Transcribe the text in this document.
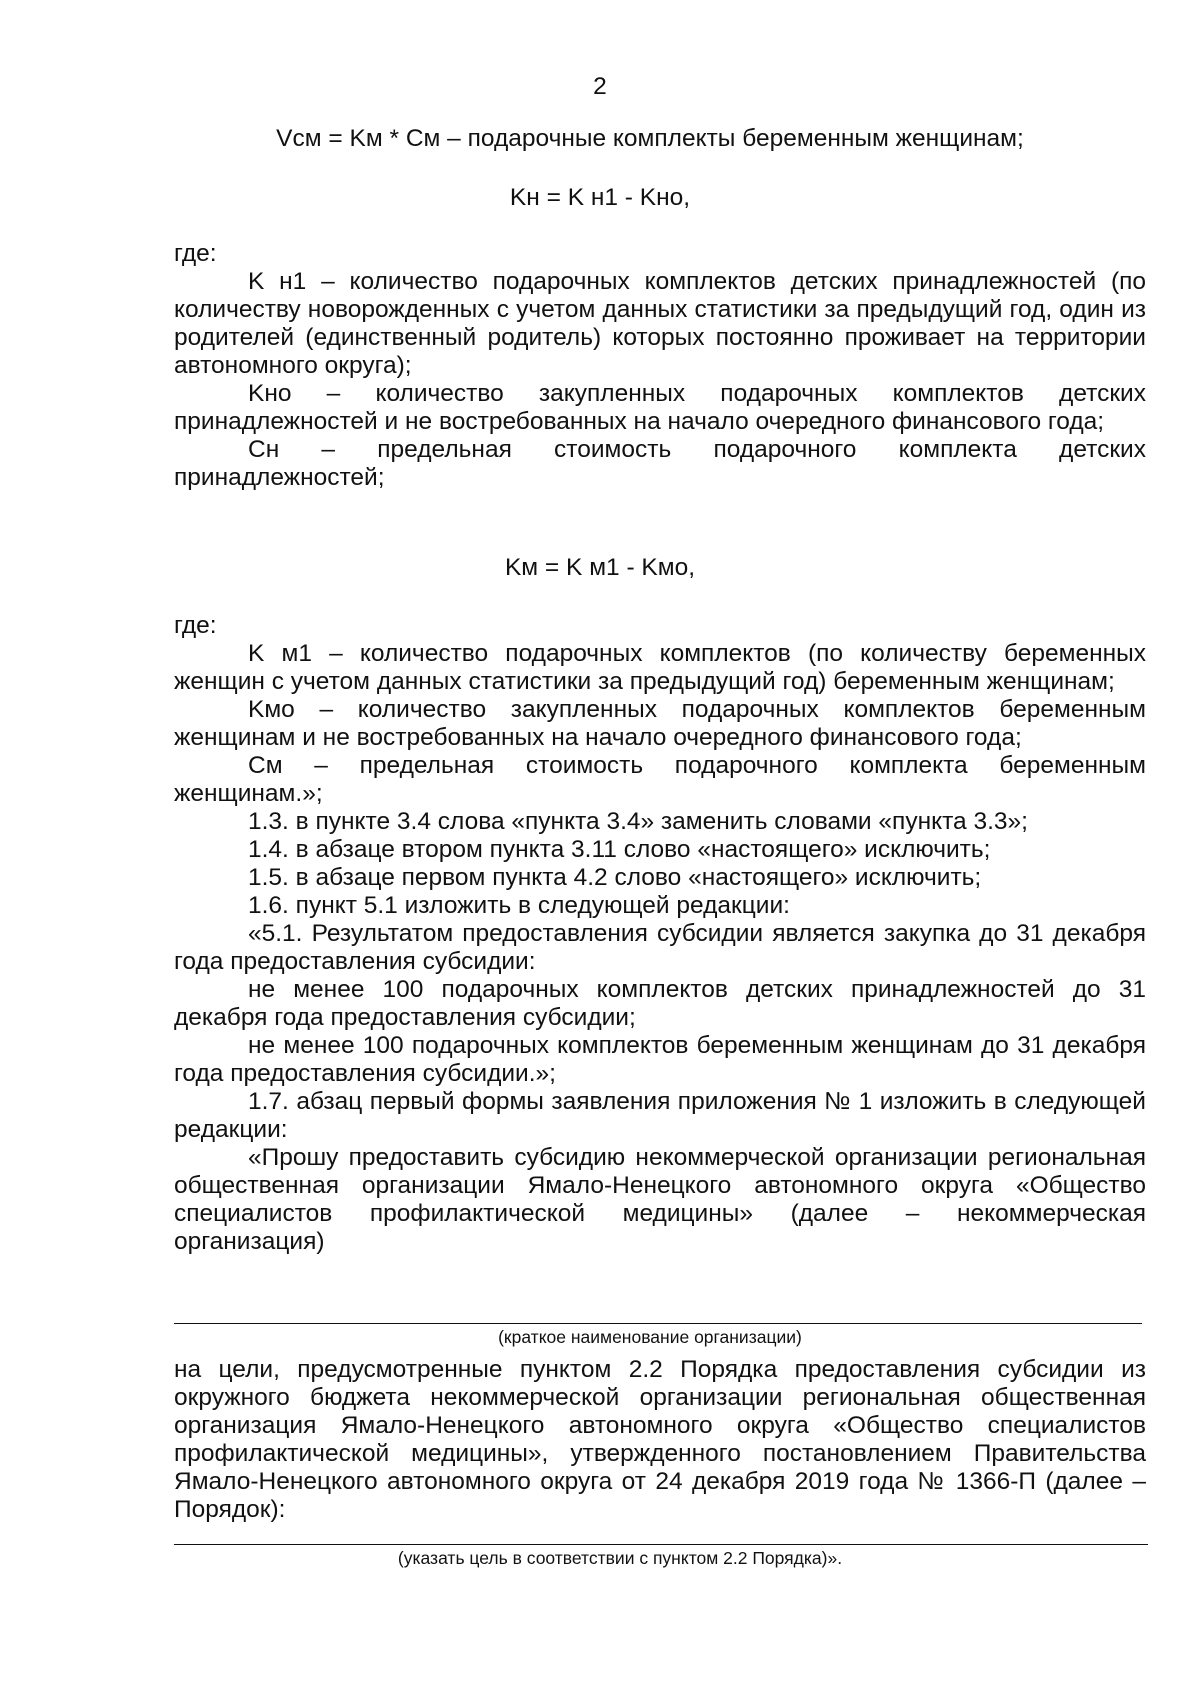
2
Vсм = Kм * Cм – подарочные комплекты беременным женщинам;
Kн = K н1 - Kно,

где:

K н1 – количество подарочных комплектов детских принадлежностей (по количеству новорожденных с учетом данных статистики за предыдущий год, один из родителей (единственный родитель) которых постоянно проживает на территории автономного округа);

Kно – количество закупленных подарочных комплектов детских принадлежностей и не востребованных на начало очередного финансового года;

Cн – предельная стоимость подарочного комплекта детских принадлежностей;

Kм = K м1 - Kмо,

где:

K м1 – количество подарочных комплектов (по количеству беременных женщин с учетом данных статистики за предыдущий год) беременным женщинам;

Kмо – количество закупленных подарочных комплектов беременным женщинам и не востребованных на начало очередного финансового года;

Cм – предельная стоимость подарочного комплекта беременным женщинам.»;

1.3. в пункте 3.4 слова «пункта 3.4» заменить словами «пункта 3.3»;

1.4. в абзаце втором пункта 3.11 слово «настоящего» исключить;

1.5. в абзаце первом пункта 4.2 слово «настоящего» исключить;

1.6. пункт 5.1 изложить в следующей редакции:

«5.1. Результатом предоставления субсидии является закупка до 31 декабря года предоставления субсидии:

не менее 100 подарочных комплектов детских принадлежностей до 31 декабря года предоставления субсидии;

не менее 100 подарочных комплектов беременным женщинам до 31 декабря года предоставления субсидии.»;

1.7. абзац первый формы заявления приложения № 1 изложить в следующей редакции:

«Прошу предоставить субсидию некоммерческой организации региональная общественная организации Ямало-Ненецкого автономного округа «Общество специалистов профилактической медицины» (далее – некоммерческая организация)

(краткое наименование организации)

на цели, предусмотренные пунктом 2.2 Порядка предоставления субсидии из окружного бюджета некоммерческой организации региональная общественная организация Ямало-Ненецкого автономного округа «Общество специалистов профилактической медицины», утвержденного постановлением Правительства Ямало-Ненецкого автономного округа от 24 декабря 2019 года № 1366-П (далее – Порядок):

(указать цель в соответствии с пунктом 2.2 Порядка)».
